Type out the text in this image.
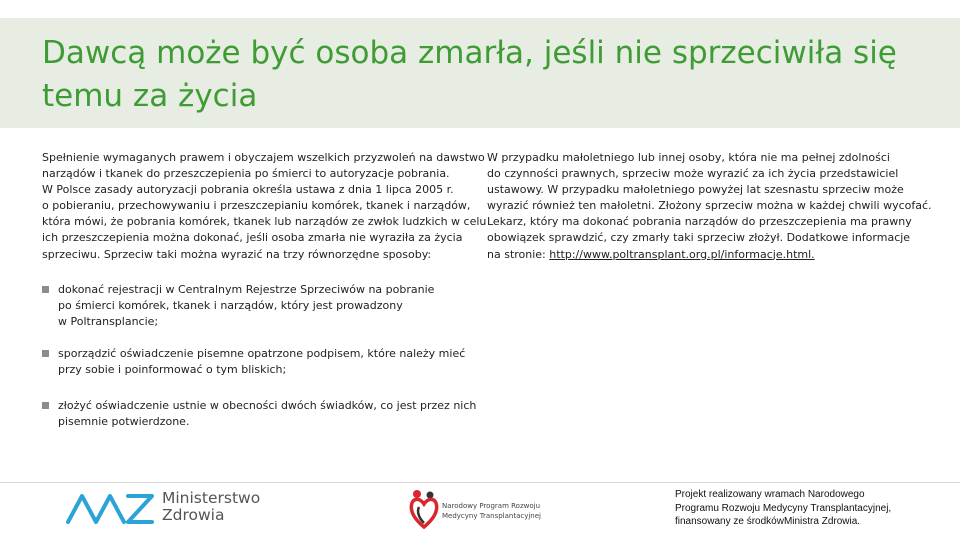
Dawcą może być osoba zmarła, jeśli nie sprzeciwiła się
temu za życia

Spełnienie wymaganych prawem i obyczajem wszelkich przyzwoleń na dawstwo
narządów i tkanek do przeszczepienia po śmierci to autoryzacje pobrania.
W Polsce zasady autoryzacji pobrania określa ustawa z dnia 1 lipca 2005 r.
o pobieraniu, przechowywaniu i przeszczepianiu komórek, tkanek i narządów,
która mówi, że pobrania komórek, tkanek lub narządów ze zwłok ludzkich w celu
ich przeszczepienia można dokonać, jeśli osoba zmarła nie wyraziła za życia
sprzeciwu. Sprzeciw taki można wyrazić na trzy równorzędne sposoby:

dokonać rejestracji w Centralnym Rejestrze Sprzeciwów na pobranie
po śmierci komórek, tkanek i narządów, który jest prowadzony
w Poltransplancie;
sporządzić oświadczenie pisemne opatrzone podpisem, które należy mieć
przy sobie i poinformować o tym bliskich;
złożyć oświadczenie ustnie w obecności dwóch świadków, co jest przez nich
pisemnie potwierdzone.

W przypadku małoletniego lub innej osoby, która nie ma pełnej zdolności
do czynności prawnych, sprzeciw może wyrazić za ich życia przedstawiciel
ustawowy. W przypadku małoletniego powyżej lat szesnastu sprzeciw może
wyrazić również ten małoletni. Złożony sprzeciw można w każdej chwili wycofać.
Lekarz, który ma dokonać pobrania narządów do przeszczepienia ma prawny
obowiązek sprawdzić, czy zmarły taki sprzeciw złożył. Dodatkowe informacje
na stronie: http://www.poltransplant.org.pl/informacje.html.

Ministerstwo
Zdrowia	Narodowy Program Rozwoju
Medycyny Transplantacyjnej
Projekt realizowany wramach Narodowego
Programu Rozwoju Medycyny Transplantacyjnej,
finansowany ze środkówMinistra Zdrowia.
